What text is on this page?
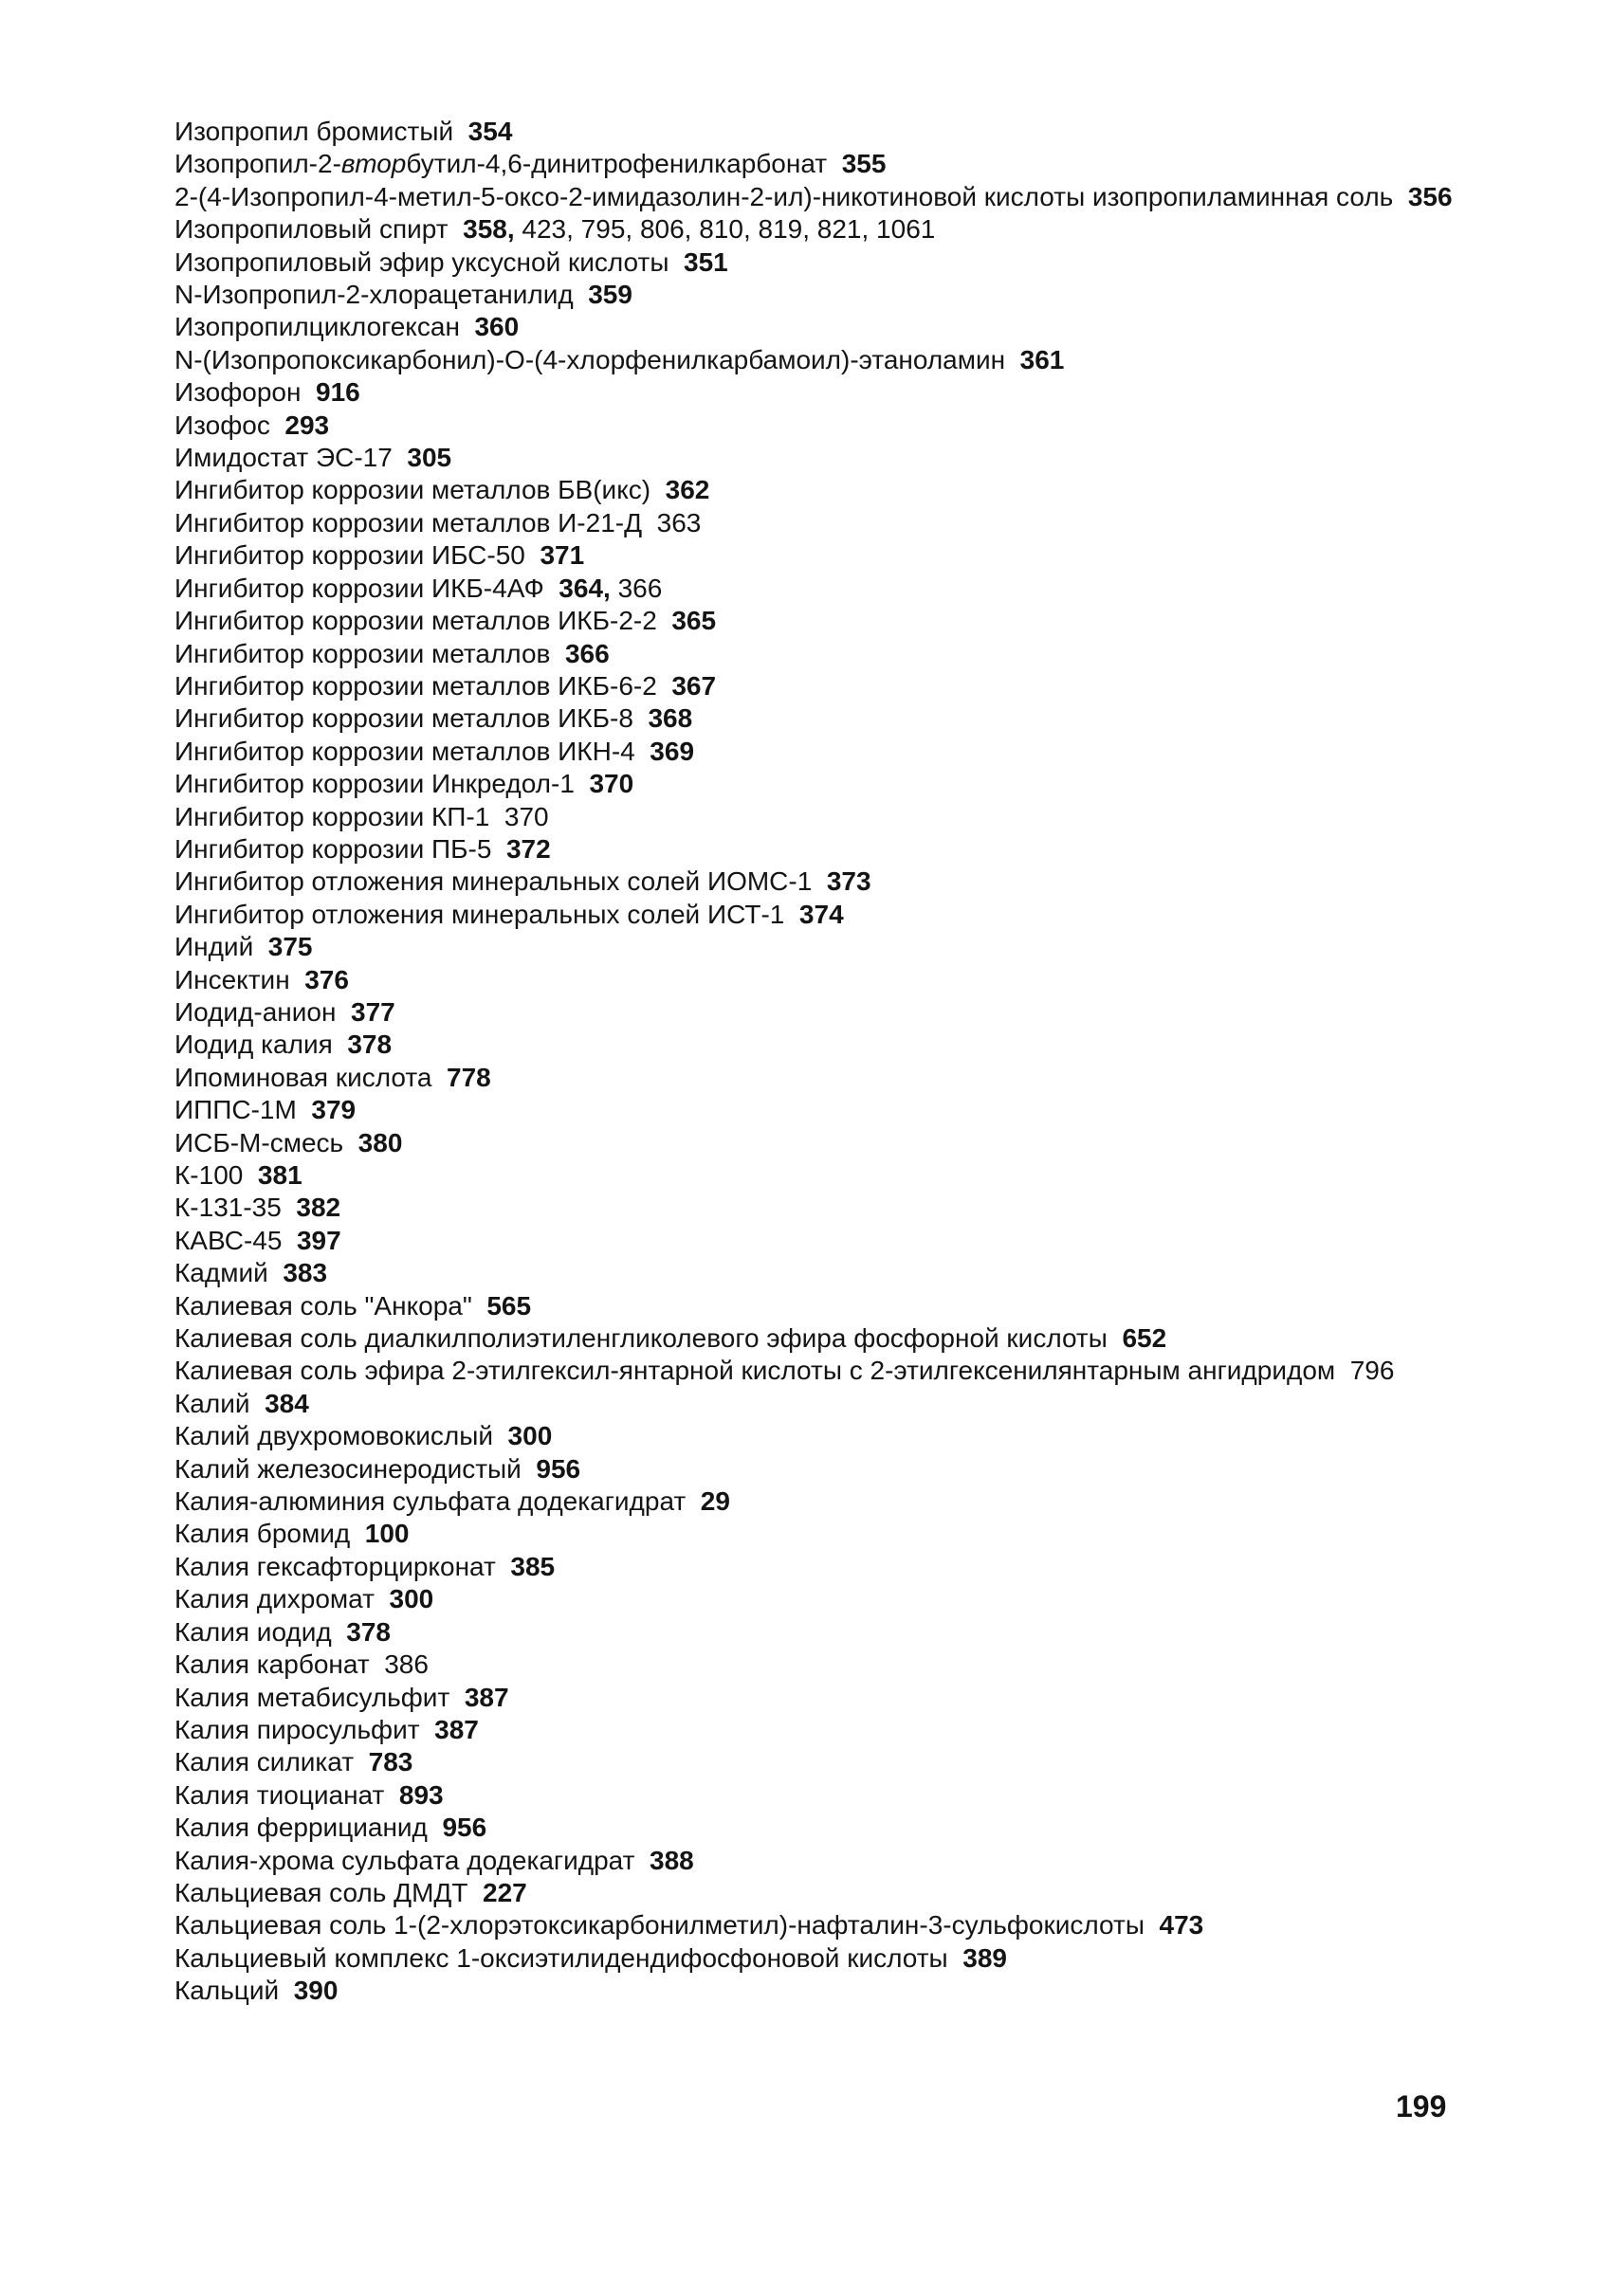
Изопропил бромистый 354
Изопропил-2-вторбутил-4,6-динитрофенилкарбонат 355
2-(4-Изопропил-4-метил-5-оксо-2-имидазолин-2-ил)-никотиновой кислоты изопропиламинная соль 356
Изопропиловый спирт 358, 423, 795, 806, 810, 819, 821, 1061
Изопропиловый эфир уксусной кислоты 351
N-Изопропил-2-хлорацетанилид 359
Изопропилциклогексан 360
N-(Изопропоксикарбонил)-О-(4-хлорфенилкарбамоил)-этаноламин 361
Изофорон 916
Изофос 293
Имидостат ЭС-17 305
Ингибитор коррозии металлов БВ(икс) 362
Ингибитор коррозии металлов И-21-Д 363
Ингибитор коррозии ИБС-50 371
Ингибитор коррозии ИКБ-4АФ 364, 366
Ингибитор коррозии металлов ИКБ-2-2 365
Ингибитор коррозии металлов 366
Ингибитор коррозии металлов ИКБ-6-2 367
Ингибитор коррозии металлов ИКБ-8 368
Ингибитор коррозии металлов ИКН-4 369
Ингибитор коррозии Инкредол-1 370
Ингибитор коррозии КП-1 370
Ингибитор коррозии ПБ-5 372
Ингибитор отложения минеральных солей ИОМС-1 373
Ингибитор отложения минеральных солей ИСТ-1 374
Индий 375
Инсектин 376
Иодид-анион 377
Иодид калия 378
Ипоминовая кислота 778
ИППС-1М 379
ИСБ-М-смесь 380
К-100 381
К-131-35 382
КАВС-45 397
Кадмий 383
Калиевая соль "Анкора" 565
Калиевая соль диалкилполиэтиленгликолевого эфира фосфорной кислоты 652
Калиевая соль эфира 2-этилгексил-янтарной кислоты с 2-этилгексенилянтарным ангидридом 796
Калий 384
Калий двухромовокислый 300
Калий железосинеродистый 956
Калия-алюминия сульфата додекагидрат 29
Калия бромид 100
Калия гексафторцирконат 385
Калия дихромат 300
Калия иодид 378
Калия карбонат 386
Калия метабисульфит 387
Калия пиросульфит 387
Калия силикат 783
Калия тиоцианат 893
Калия феррицианид 956
Калия-хрома сульфата додекагидрат 388
Кальциевая соль ДМДТ 227
Кальциевая соль 1-(2-хлорэтоксикарбонилметил)-нафталин-3-сульфокислоты 473
Кальциевый комплекс 1-оксиэтилидендифосфоновой кислоты 389
Кальций 390
199
